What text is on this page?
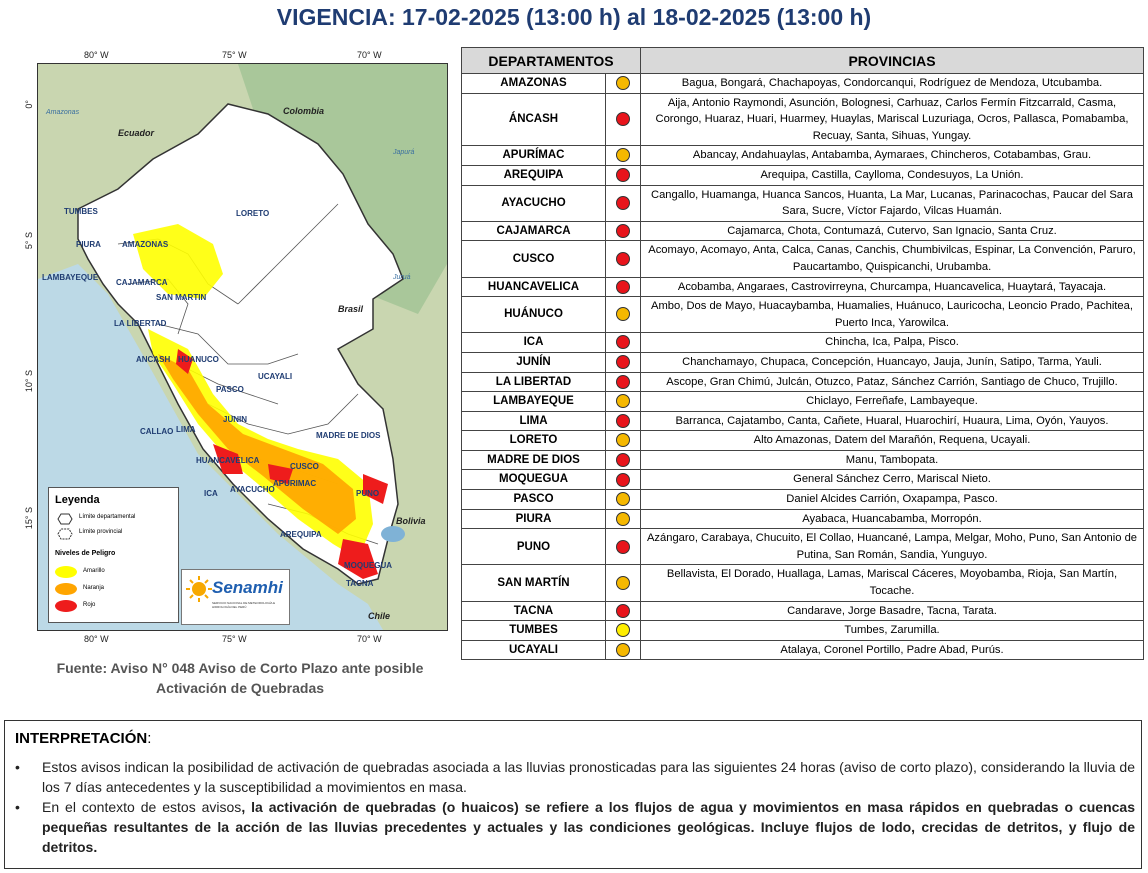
VIGENCIA: 17-02-2025 (13:00 h) al 18-02-2025 (13:00 h)
80° W	75° W	70° W
80° W	75° W	70° W
0°
5° S
10° S
15° S
Colombia
Ecuador
Brasil
Bolivia
Chile
Japurá
Juruá
Amazonas
TUMBES
PIURA	AMAZONAS
LAMBAYEQUE
CAJAMARCA
LORETO
SAN MARTIN
LA LIBERTAD
ANCASH HUANUCO
UCAYALI
PASCO
JUNIN
CALLAO LIMA
MADRE DE DIOS
CUSCO
HUANCAVELICA
AYACUCHO
APURIMAC
ICA	PUNO
AREQUIPA
MOQUEGUA
TACNA
Leyenda
Límite departamental
Límite provincial
Niveles de Peligro
Amarillo
Naranja
Rojo
Senamhi
SERVICIO NACIONAL DE METEOROLOGÍA E HIDROLOGÍA DEL PERÚ
Fuente: Aviso N° 048 Aviso de Corto Plazo ante posible Activación de Quebradas
DEPARTAMENTOS		PROVINCIAS
AMAZONAS		Bagua, Bongará, Chachapoyas, Condorcanqui, Rodríguez de Mendoza, Utcubamba.
ÁNCASH		Aija, Antonio Raymondi, Asunción, Bolognesi, Carhuaz, Carlos Fermín Fitzcarrald, Casma, Corongo, Huaraz, Huari, Huarmey, Huaylas, Mariscal Luzuriaga, Ocros, Pallasca, Pomabamba, Recuay, Santa, Sihuas, Yungay.
APURÍMAC		Abancay, Andahuaylas, Antabamba, Aymaraes, Chincheros, Cotabambas, Grau.
AREQUIPA		Arequipa, Castilla, Caylloma, Condesuyos, La Unión.
AYACUCHO		Cangallo, Huamanga, Huanca Sancos, Huanta, La Mar, Lucanas, Parinacochas, Paucar del Sara Sara, Sucre, Víctor Fajardo, Vilcas Huamán.
CAJAMARCA		Cajamarca, Chota, Contumazá, Cutervo, San Ignacio, Santa Cruz.
CUSCO		Acomayo, Acomayo, Anta, Calca, Canas, Canchis, Chumbivilcas, Espinar, La Convención, Paruro, Paucartambo, Quispicanchi, Urubamba.
HUANCAVELICA		Acobamba, Angaraes, Castrovirreyna, Churcampa, Huancavelica, Huaytará, Tayacaja.
HUÁNUCO		Ambo, Dos de Mayo, Huacaybamba, Huamalies, Huánuco, Lauricocha, Leoncio Prado, Pachitea, Puerto Inca, Yarowilca.
ICA		Chincha, Ica, Palpa, Pisco.
JUNÍN		Chanchamayo, Chupaca, Concepción, Huancayo, Jauja, Junín, Satipo, Tarma, Yauli.
LA LIBERTAD		Ascope, Gran Chimú, Julcán, Otuzco, Pataz, Sánchez Carrión, Santiago de Chuco, Trujillo.
LAMBAYEQUE		Chiclayo, Ferreñafe, Lambayeque.
LIMA		Barranca, Cajatambo, Canta, Cañete, Huaral, Huarochirí, Huaura, Lima, Oyón, Yauyos.
LORETO		Alto Amazonas, Datem del Marañón, Requena, Ucayali.
MADRE DE DIOS		Manu, Tambopata.
MOQUEGUA		General Sánchez Cerro, Mariscal Nieto.
PASCO		Daniel Alcides Carrión, Oxapampa, Pasco.
PIURA		Ayabaca, Huancabamba, Morropón.
PUNO		Azángaro, Carabaya, Chucuito, El Collao, Huancané, Lampa, Melgar, Moho, Puno, San Antonio de Putina, San Román, Sandia, Yunguyo.
SAN MARTÍN		Bellavista, El Dorado, Huallaga, Lamas, Mariscal Cáceres, Moyobamba, Rioja, San Martín, Tocache.
TACNA		Candarave, Jorge Basadre, Tacna, Tarata.
TUMBES		Tumbes, Zarumilla.
UCAYALI		Atalaya, Coronel Portillo, Padre Abad, Purús.
INTERPRETACIÓN:
• Estos avisos indican la posibilidad de activación de quebradas asociada a las lluvias pronosticadas para las siguientes 24 horas (aviso de corto plazo), considerando la lluvia de los 7 días antecedentes y la susceptibilidad a movimientos en masa.
• En el contexto de estos avisos, la activación de quebradas (o huaicos) se refiere a los flujos de agua y movimientos en masa rápidos en quebradas o cuencas pequeñas resultantes de la acción de las lluvias precedentes y actuales y las condiciones geológicas. Incluye flujos de lodo, crecidas de detritos, y flujo de detritos.
